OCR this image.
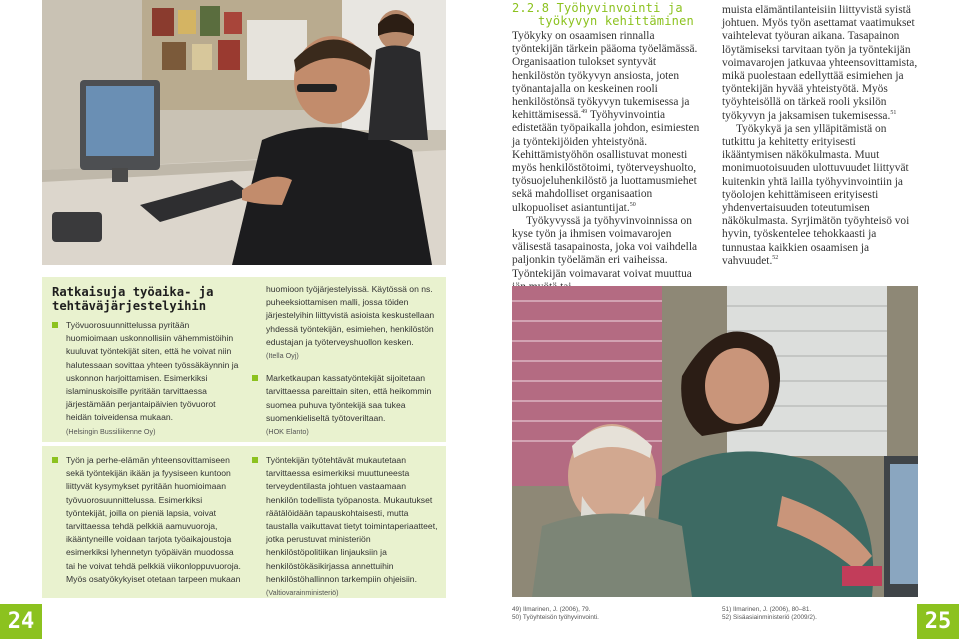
2.2.8 Työhyvinvointi ja
työkyvyn kehittäminen

Työkyky on osaamisen rinnalla työntekijän tärkein pääoma työelämässä. Organisaation tulokset syntyvät henkilöstön työkyvyn ansiosta, joten työnantajalla on keskeinen rooli henkilöstönsä työkyvyn tukemisessa ja kehittämisessä.$^{49}$ Työhyvinvointia edistetään työpaikalla johdon, esimiesten ja työntekijöiden yhteistyönä. Kehittämistyöhön osallistuvat monesti myös henkilöstötoimi, työterveyshuolto, työsuojeluhenkilöstö ja luottamusmiehet sekä mahdolliset organisaation ulkopuoliset asiantuntijat.$^{50}$

Työkyvyssä ja työhyvinvoinnissa on kyse työn ja ihmisen voimavarojen välisestä tasapainosta, joka voi vaihdella paljonkin työelämän eri vaiheissa. Työntekijän voimavarat voivat muuttua

muista elämäntilanteisiin liittyvistä syistä johtuen. Myös työn asettamat vaatimukset vaihtelevat työuran aikana. Tasapainon löytämiseksi tarvitaan työn ja työntekijän voimavarojen jatkuvaa yhteensovittamista, mikä puolestaan edellyttää esimiehen ja työntekijän hyvää yhteistyötä. Myös työyhteisöllä on tärkeä rooli yksilön työkyvyn ja jaksamisen tukemisessa.$^{51}$

Työkykyä ja sen ylläpitämistä on tutkittu ja kehitetty erityisesti ikääntymisen näkökulmasta. Muut monimuotoisuuden ulottuvuudet liittyvät kuitenkin yhtä lailla työhyvinvointiin ja työolojen kehittämiseen erityisesti yhdenvertaisuuden toteutumisen näkökulmasta. Syrjimätön työyhteisö voi hyvin, työskentelee tehokkaasti ja tunnustaa kaikkien osaamisen ja vahvuudet.$^{52}$

Ratkaisuja työaika- ja
tehtäväjärjestelyihin
Työvuorosuunnittelussa pyritään huomioimaan uskonnollisiin vähemmistöihin kuuluvat työntekijät siten, että he voivat niin halutessaan sovittaa yhteen työssäkäynnin ja uskonnon harjoittamisen. Esimerkiksi islaminuskoisille pyritään tarvittaessa järjestämään perjantaipäivien työvuorot heidän toiveidensa mukaan.
(Helsingin Bussiliikenne Oy)
huomioon työjärjestelyissä. Käytössä on ns. puheeksiottamisen malli, jossa töiden järjestelyihin liittyvistä asioista keskustellaan yhdessä työntekijän, esimiehen, henkilöstön edustajan ja työterveyshuollon kesken.
(Itella Oyj)
Marketkaupan kassatyöntekijät sijoitetaan tarvittaessa pareittain siten, että heikommin suomea puhuva työntekijä saa tukea suomenkieliseltä työtoveriltaan.
(HOK Elanto)
Työn ja perhe-elämän yhteensovittamiseen sekä työntekijän ikään ja fyysiseen kuntoon liittyvät kysymykset pyritään huomioimaan työvuorosuunnittelussa. Esimerkiksi työntekijät, joilla on pieniä lapsia, voivat tarvittaessa tehdä pelkkiä aamuvuoroja, ikääntyneille voidaan tarjota työaikajoustoja esimerkiksi lyhennetyn työpäivän muodossa tai he voivat tehdä pelkkiä viikonloppuvuoroja. Myös osatyökykyiset otetaan tarpeen mukaan
Työntekijän työtehtävät mukautetaan tarvittaessa esimerkiksi muuttuneesta terveydentilasta johtuen vastaamaan henkilön todellista työpanosta. Mukautukset räätälöidään tapauskohtaisesti, mutta taustalla vaikuttavat tietyt toimintaperiaatteet, jotka perustuvat ministeriön henkilöstöpolitiikan linjauksiin ja henkilöstökäsikirjassa annettuihin henkilöstöhallinnon tarkempiin ohjeisiin.
(Valtiovarainministeriö)
24	25
49) Ilmarinen, J. (2006), 79.
50) Työyhteisön työhyvinvointi.
51) Ilmarinen, J. (2006), 80–81.
52) Sisäasiainministeriö (2009/2).
